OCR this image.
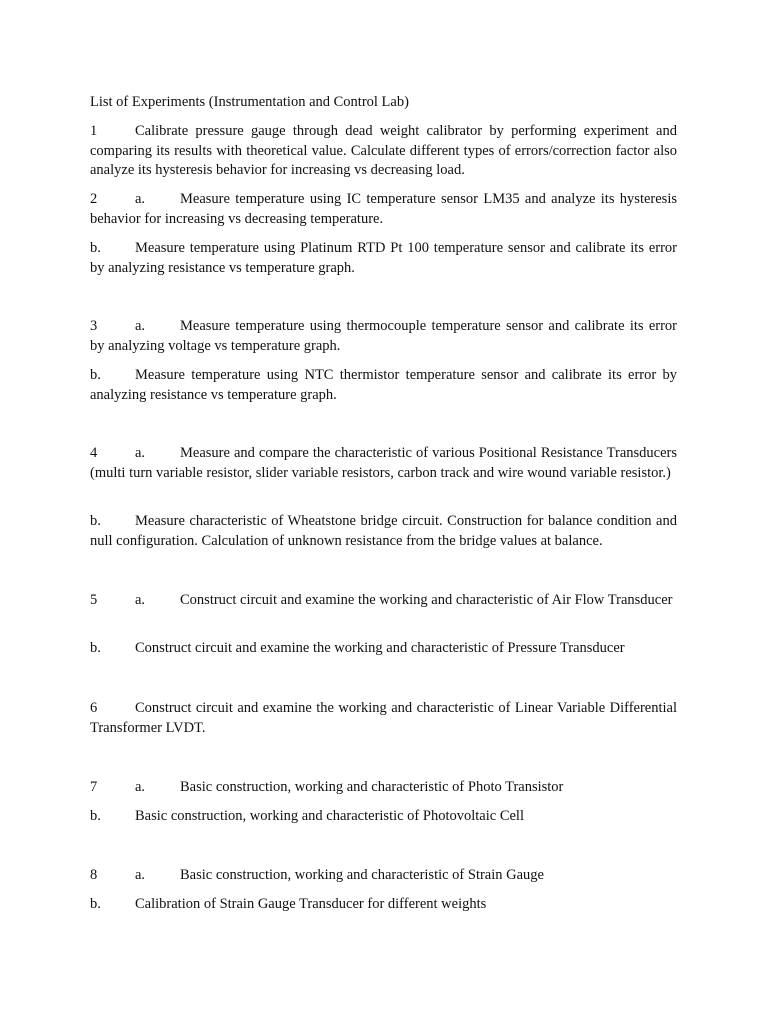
List of Experiments (Instrumentation and Control Lab)
1	Calibrate pressure gauge through dead weight calibrator by performing experiment and comparing its results with theoretical value. Calculate different types of errors/correction factor also analyze its hysteresis behavior for increasing vs decreasing load.
2	a. Measure temperature using IC temperature sensor LM35 and analyze its hysteresis behavior for increasing vs decreasing temperature.
b. Measure temperature using Platinum RTD Pt 100 temperature sensor and calibrate its error by analyzing resistance vs temperature graph.
3	a. Measure temperature using thermocouple temperature sensor and calibrate its error by analyzing voltage vs temperature graph.
b. Measure temperature using NTC thermistor temperature sensor and calibrate its error by analyzing resistance vs temperature graph.
4	a. Measure and compare the characteristic of various Positional Resistance Transducers (multi turn variable resistor, slider variable resistors, carbon track and wire wound variable resistor.)
b. Measure characteristic of Wheatstone bridge circuit. Construction for balance condition and null configuration. Calculation of unknown resistance from the bridge values at balance.
5	a. Construct circuit and examine the working and characteristic of Air Flow Transducer
b. Construct circuit and examine the working and characteristic of Pressure Transducer
6	Construct circuit and examine the working and characteristic of Linear Variable Differential Transformer LVDT.
7	a. Basic construction, working and characteristic of Photo Transistor
b. Basic construction, working and characteristic of Photovoltaic Cell
8	a. Basic construction, working and characteristic of Strain Gauge
b. Calibration of Strain Gauge Transducer for different weights
